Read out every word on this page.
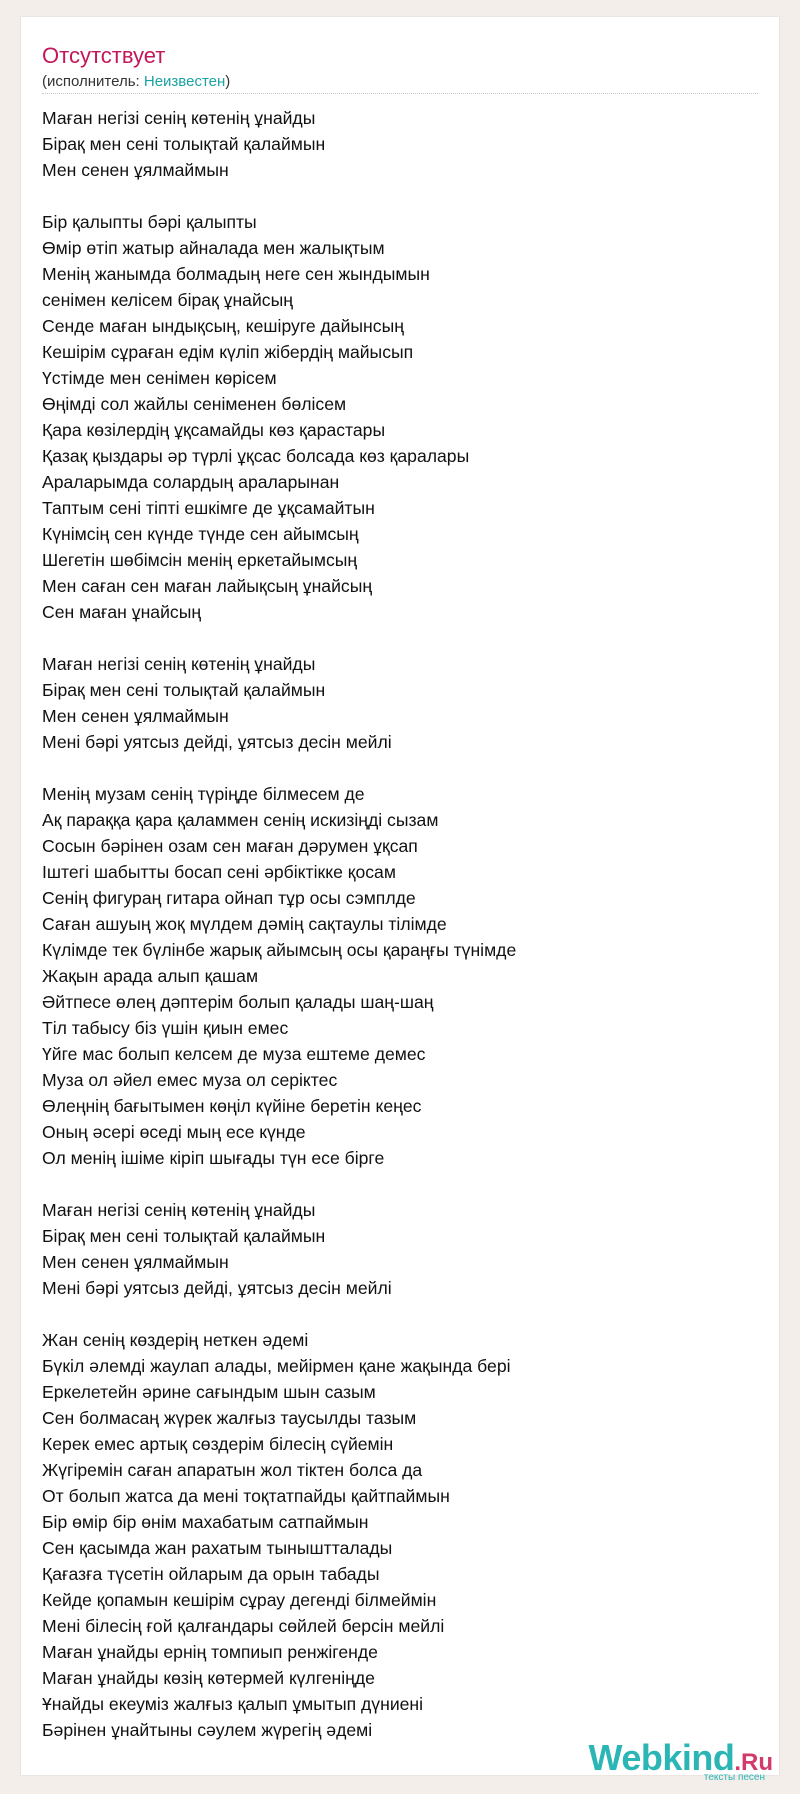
Отсутствует
(исполнитель: Неизвестен)
Маған негізі сенің көтенің ұнайды
Бірақ мен сені толықтай қалаймын
Мен сенен ұялмаймын
Бір қалыпты бәрі қалыпты
Өмір өтіп жатыр айналада мен жалықтым
Менің жанымда болмадың неге сен жындымын
сенімен келісем бірақ ұнайсың
Сенде маған ындықсың, кешіруге дайынсың
Кешірім сұраған едім күліп жібердің майысып
Үстімде мен сенімен көрісем
Өңімді сол жайлы сеніменен бөлісем
Қара көзілердің ұқсамайды көз қарастары
Қазақ қыздары әр түрлі ұқсас болсада көз қаралары
Араларымда солардың араларынан
Таптым сені тіпті ешкімге де ұқсамайтын
Күнімсің сен күнде түнде сен айымсың
Шегетін шөбімсін менің еркетайымсың
Мен саған сен маған лайықсың ұнайсың
Сен маған ұнайсың
Маған негізі сенің көтенің ұнайды
Бірақ мен сені толықтай қалаймын
Мен сенен ұялмаймын
Мені бәрі уятсыз дейді, ұятсыз десін мейлі
Менің музам сенің түріңде білмесем де
Ақ параққа қара қаламмен сенің искизіңді сызам
Сосын бәрінен озам сен маған дәрумен ұқсап
Іштегі шабытты босап сені әрбіктікке қосам
Сенің фигураң гитара ойнап тұр осы сэмплде
Саған ашуың жоқ мүлдем дәмің сақтаулы тілімде
Күлімде тек бүлінбе жарық айымсың осы қараңғы түнімде
Жақын арада алып қашам
Әйтпесе өлең дәптерім болып қалады шаң-шаң
Тіл табысу біз үшін қиын емес
Үйге мас болып келсем де муза ештеме демес
Муза ол әйел емес муза ол серіктес
Өлеңнің бағытымен көңіл күйіне беретін кеңес
Оның әсері өседі мың есе күнде
Ол менің ішіме кіріп шығады түн есе бірге
Маған негізі сенің көтенің ұнайды
Бірақ мен сені толықтай қалаймын
Мен сенен ұялмаймын
Мені бәрі уятсыз дейді, ұятсыз десін мейлі
Жан сенің көздерің неткен әдемі
Бүкіл әлемді жаулап алады, мейірмен қане жақында бері
Еркелетейн әрине сағындым шын сазым
Сен болмасаң жүрек жалғыз таусылды тазым
Керек емес артық сөздерім білесің сүйемін
Жүгіремін саған апаратын жол тіктен болса да
От болып жатса да мені тоқтатпайды қайтпаймын
Бір өмір бір өнім махабатым сатпаймын
Сен қасымда жан рахатым тыныштталады
Қағазға түсетін ойларым да орын табады
Кейде қопамын кешірім сұрау дегенді білмеймін
Мені білесің ғой қалғандары сөйлей берсін мейлі
Маған ұнайды ернің томпиып ренжігенде
Маған ұнайды көзің көтермей күлгеніңде
Ұнайды екеуміз жалғыз қалып ұмытып дүниені
Бәрінен ұнайтыны сәулем жүрегің әдемі
Webkind.Ru
тексты песен
